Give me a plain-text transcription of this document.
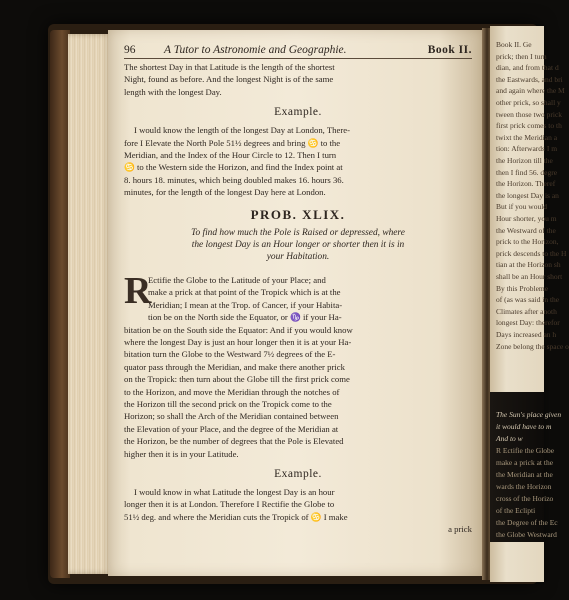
Book II. Ge
prick; then I turn
dian, and from that d
the Eastwards, and bri
and again where the M
other prick, so shall y
tween those two prick
first prick comes to th
twixt the Meridian a
tion: Afterwards I m
the Horizon till the
then I find 56. degre
the Horizon. Theref
the longest Day is an
But if you would
Hour shorter, you m
the Westward of the
prick to the Horizon,
prick descends to the H
tian at the Horizon sh
shall be an Hour short
By this Probleme
of (as was said in the
Climates after anoth
longest Day: therefor
Days increased an h
Zone belong the space o
The Sun's place given
it would have to m
And to w
R Ectifie the Globe
make a prick at the
the Meridian at the
wards the Horizon
cross of the Horizo
of the Eclipti
the Degree of the Ec
the Globe Westward
96	A Tutor to Astronomie and Geographie.	Book II.

The shortest Day in that Latitude is the length of the shortest
Night, found as before. And the longest Night is of the same
length with the longest Day.

Example.

I would know the length of the longest Day at London, There-
fore I Elevate the North Pole 51½ degrees and bring ♋ to the
Meridian, and the Index of the Hour Circle to 12. Then I turn
♋ to the Western side the Horizon, and find the Index point at
8. hours 18. minutes, which being doubled makes 16. hours 36.
minutes, for the length of the longest Day here at London.

PROB. XLIX.
To find how much the Pole is Raised or depressed, where
the longest Day is an Hour longer or shorter then it is in
your Habitation.
R

Ectifie the Globe to the Latitude of your Place; and
make a prick at that point of the Tropick which is at the
Meridian; I mean at the Trop. of Cancer, if your Habita-
tion be on the North side the Equator, or ♑ if your Ha-

bitation be on the South side the Equator: And if you would know
where the longest Day is just an hour longer then it is at your Ha-
bitation turn the Globe to the Westward 7½ degrees of the E-
quator pass through the Meridian, and make there another prick
on the Tropick: then turn about the Globe till the first prick come
to the Horizon, and move the Meridian through the notches of
the Horizon till the second prick on the Tropick come to the
Horizon; so shall the Arch of the Meridian contained between
the Elevation of your Place, and the degree of the Meridian at
the Horizon, be the number of degrees that the Pole is Elevated
higher then it is in your Latitude.

Example.

I would know in what Latitude the longest Day is an hour
longer then it is at London. Therefore I Rectifie the Globe to
51½ deg. and where the Meridian cuts the Tropick of ♋ I make

a prick
